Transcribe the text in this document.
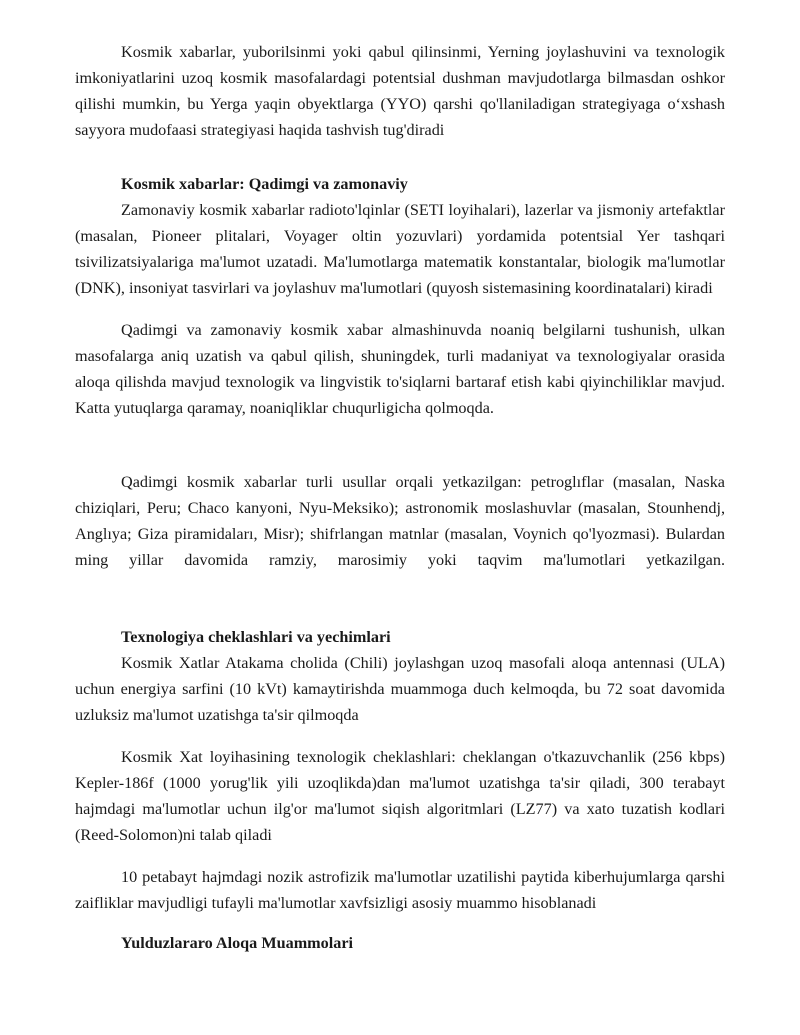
Kosmik xabarlar, yuborilsinmi yoki qabul qilinsinmi, Yerning joylashuvini va texnologik imkoniyatlarini uzoq kosmik masofalardagi potentsial dushman mavjudotlarga bilmasdan oshkor qilishi mumkin, bu Yerga yaqin obyektlarga (YYO) qarshi qo'llaniladigan strategiyaga o‘xshash sayyora mudofaasi strategiyasi haqida tashvish tug'diradi

Kosmik xabarlar: Qadimgi va zamonaviy

Zamonaviy kosmik xabarlar radioto'lqinlar (SETI loyihalari), lazerlar va jismoniy artefaktlar (masalan, Pioneer plitalari, Voyager oltin yozuvlari) yordamida potentsial Yer tashqari tsivilizatsiyalariga ma'lumot uzatadi. Ma'lumotlarga matematik konstantalar, biologik ma'lumotlar (DNK), insoniyat tasvirlari va joylashuv ma'lumotlari (quyosh sistemasining koordinatalari) kiradi

Qadimgi va zamonaviy kosmik xabar almashinuvda noaniq belgilarni tushunish, ulkan masofalarga aniq uzatish va qabul qilish, shuningdek, turli madaniyat va texnologiyalar orasida aloqa qilishda mavjud texnologik va lingvistik to'siqlarni bartaraf etish kabi qiyinchiliklar mavjud. Katta yutuqlarga qaramay, noaniqliklar chuqurligicha qolmoqda.

Qadimgi kosmik xabarlar turli usullar orqali yetkazilgan: petroglıflar (masalan, Naska chiziqlari, Peru; Chaco kanyoni, Nyu-Meksiko); astronomik moslashuvlar (masalan, Stounhendj, Anglıya; Giza piramidaları, Misr); shifrlangan matnlar (masalan, Voynich qo'lyozmasi). Bulardan ming yillar davomida ramziy, marosimiy yoki taqvim ma'lumotlari yetkazilgan.

Texnologiya cheklashlari va yechimlari

Kosmik Xatlar Atakama cholida (Chili) joylashgan uzoq masofali aloqa antennasi (ULA) uchun energiya sarfini (10 kVt) kamaytirishda muammoga duch kelmoqda, bu 72 soat davomida uzluksiz ma'lumot uzatishga ta'sir qilmoqda

Kosmik Xat loyihasining texnologik cheklashlari: cheklangan o'tkazuvchanlik (256 kbps) Kepler-186f (1000 yorug'lik yili uzoqlikda)dan ma'lumot uzatishga ta'sir qiladi, 300 terabayt hajmdagi ma'lumotlar uchun ilg'or ma'lumot siqish algoritmlari (LZ77) va xato tuzatish kodlari (Reed-Solomon)ni talab qiladi

10 petabayt hajmdagi nozik astrofizik ma'lumotlar uzatilishi paytida kiberhujumlarga qarshi zaifliklar mavjudligi tufayli ma'lumotlar xavfsizligi asosiy muammo hisoblanadi

Yulduzlararo Aloqa Muammolari
